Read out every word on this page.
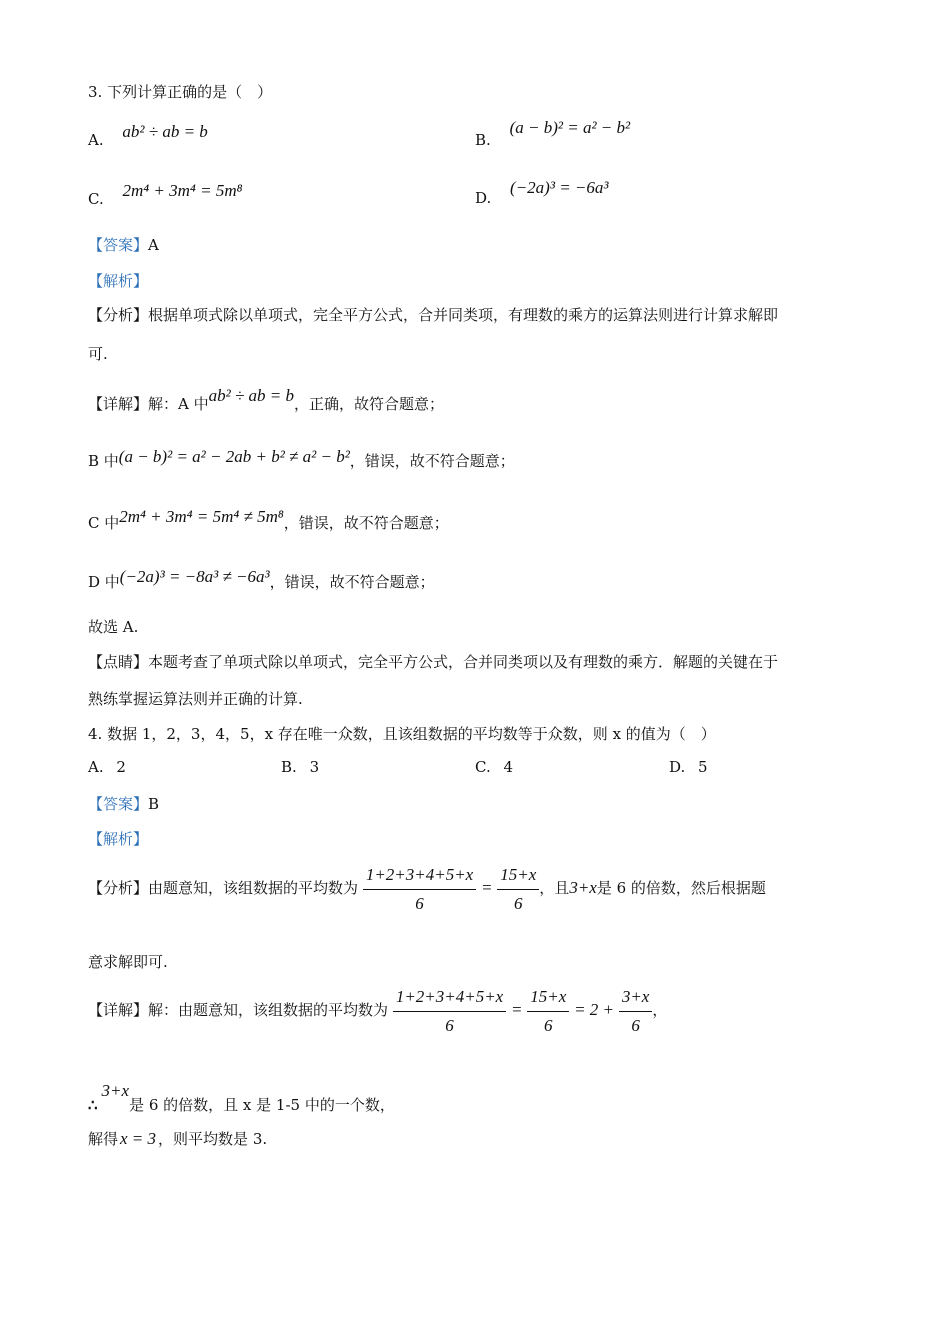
3. 下列计算正确的是（　）
A. ab² ÷ ab = b	B. (a − b)² = a² − b²
C. 2m⁴ + 3m⁴ = 5m⁸	D. (−2a)³ = −6a³
【答案】A
【解析】
【分析】根据单项式除以单项式，完全平方公式，合并同类项，有理数的乘方的运算法则进行计算求解即
可.
【详解】解：A 中ab² ÷ ab = b，正确，故符合题意；
B 中(a − b)² = a² − 2ab + b² ≠ a² − b²，错误，故不符合题意；
C 中2m⁴ + 3m⁴ = 5m⁴ ≠ 5m⁸，错误，故不符合题意；
D 中(−2a)³ = −8a³ ≠ −6a³，错误，故不符合题意；
故选 A.
【点睛】本题考查了单项式除以单项式，完全平方公式，合并同类项以及有理数的乘方．解题的关键在于
熟练掌握运算法则并正确的计算.
4. 数据 1，2，3，4，5，x 存在唯一众数，且该组数据的平均数等于众数，则 x 的值为（　）
A. 2	B. 3	C. 4	D. 5
【答案】B
【解析】
【分析】由题意知，该组数据的平均数为 $\frac{1+2+3+4+5+x}{6} = \frac{15+x}{6}$ ，且3+x是 6 的倍数，然后根据题
意求解即可.
【详解】解：由题意知，该组数据的平均数为 $\frac{1+2+3+4+5+x}{6} = \frac{15+x}{6} = 2 + \frac{3+x}{6}$ ，
∴3+x是 6 的倍数，且 x 是 1-5 中的一个数，
解得 x = 3 ，则平均数是 3.
